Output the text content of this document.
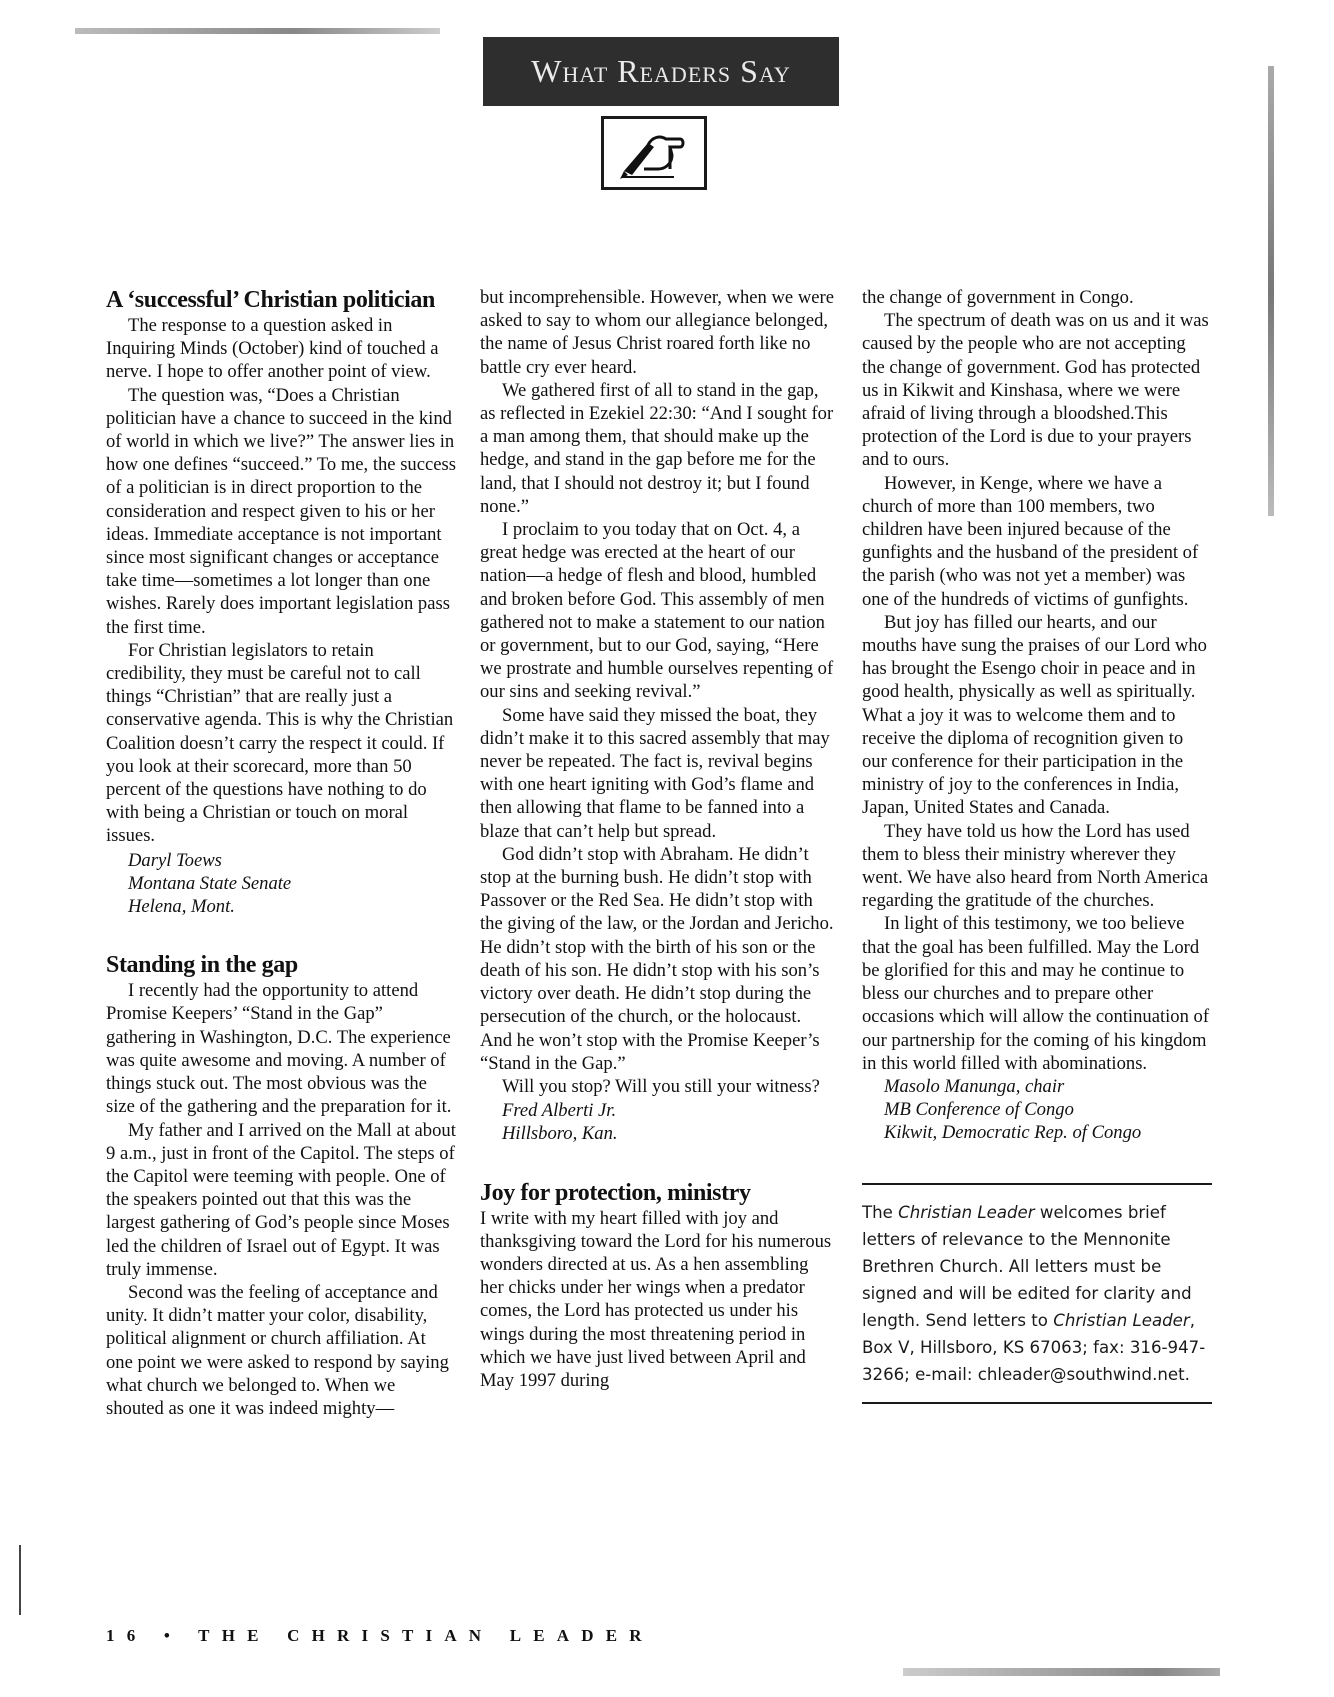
What Readers Say
A ‘successful’ Christian politician

The response to a question asked in Inquiring Minds (October) kind of touched a nerve. I hope to offer another point of view.

The question was, “Does a Christian politician have a chance to succeed in the kind of world in which we live?” The answer lies in how one defines “succeed.” To me, the success of a politician is in direct proportion to the consideration and respect given to his or her ideas. Immediate acceptance is not important since most significant changes or acceptance take time—sometimes a lot longer than one wishes. Rarely does important legislation pass the first time.

For Christian legislators to retain credibility, they must be careful not to call things “Christian” that are really just a conservative agenda. This is why the Christian Coalition doesn’t carry the respect it could. If you look at their scorecard, more than 50 percent of the questions have nothing to do with being a Christian or touch on moral issues.

Daryl Toews

Montana State Senate

Helena, Mont.

Standing in the gap

I recently had the opportunity to attend Promise Keepers’ “Stand in the Gap” gathering in Washington, D.C. The experience was quite awesome and moving. A number of things stuck out. The most obvious was the size of the gathering and the preparation for it.

My father and I arrived on the Mall at about 9 a.m., just in front of the Capitol. The steps of the Capitol were teeming with people. One of the speakers pointed out that this was the largest gathering of God’s people since Moses led the children of Israel out of Egypt. It was truly immense.

Second was the feeling of acceptance and unity. It didn’t matter your color, disability, political alignment or church affiliation. At one point we were asked to respond by saying what church we belonged to. When we shouted as one it was indeed mighty—

but incomprehensible. However, when we were asked to say to whom our allegiance belonged, the name of Jesus Christ roared forth like no battle cry ever heard.

We gathered first of all to stand in the gap, as reflected in Ezekiel 22:30: “And I sought for a man among them, that should make up the hedge, and stand in the gap before me for the land, that I should not destroy it; but I found none.”

I proclaim to you today that on Oct. 4, a great hedge was erected at the heart of our nation—a hedge of flesh and blood, humbled and broken before God. This assembly of men gathered not to make a statement to our nation or government, but to our God, saying, “Here we prostrate and humble ourselves repenting of our sins and seeking revival.”

Some have said they missed the boat, they didn’t make it to this sacred assembly that may never be repeated. The fact is, revival begins with one heart igniting with God’s flame and then allowing that flame to be fanned into a blaze that can’t help but spread.

God didn’t stop with Abraham. He didn’t stop at the burning bush. He didn’t stop with Passover or the Red Sea. He didn’t stop with the giving of the law, or the Jordan and Jericho. He didn’t stop with the birth of his son or the death of his son. He didn’t stop with his son’s victory over death. He didn’t stop during the persecution of the church, or the holocaust. And he won’t stop with the Promise Keeper’s “Stand in the Gap.”

Will you stop? Will you still your witness?

Fred Alberti Jr.

Hillsboro, Kan.

Joy for protection, ministry

I write with my heart filled with joy and thanksgiving toward the Lord for his numerous wonders directed at us. As a hen assembling her chicks under her wings when a predator comes, the Lord has protected us under his wings during the most threatening period in which we have just lived between April and May 1997 during

the change of government in Congo.

The spectrum of death was on us and it was caused by the people who are not accepting the change of government. God has protected us in Kikwit and Kinshasa, where we were afraid of living through a bloodshed.This protection of the Lord is due to your prayers and to ours.

However, in Kenge, where we have a church of more than 100 members, two children have been injured because of the gunfights and the husband of the president of the parish (who was not yet a member) was one of the hundreds of victims of gunfights.

But joy has filled our hearts, and our mouths have sung the praises of our Lord who has brought the Esengo choir in peace and in good health, physically as well as spiritually. What a joy it was to welcome them and to receive the diploma of recognition given to our conference for their participation in the ministry of joy to the conferences in India, Japan, United States and Canada.

They have told us how the Lord has used them to bless their ministry wherever they went. We have also heard from North America regarding the gratitude of the churches.

In light of this testimony, we too believe that the goal has been fulfilled. May the Lord be glorified for this and may he continue to bless our churches and to prepare other occasions which will allow the continuation of our partnership for the coming of his kingdom in this world filled with abominations.

Masolo Manunga, chair

MB Conference of Congo

Kikwit, Democratic Rep. of Congo

The Christian Leader welcomes brief letters of relevance to the Mennonite Brethren Church. All letters must be signed and will be edited for clarity and length. Send letters to Christian Leader, Box V, Hillsboro, KS 67063; fax: 316-947-3266; e-mail: chleader@southwind.net.
16 • THE CHRISTIAN LEADER
